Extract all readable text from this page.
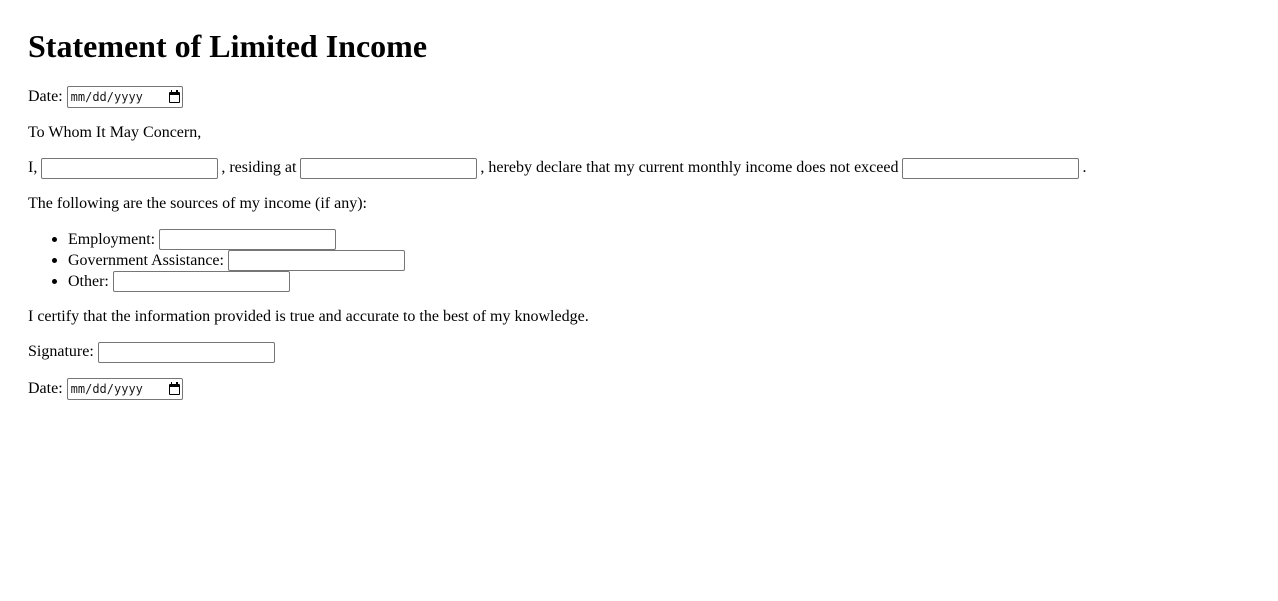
Statement of Limited Income
Date: mm/dd/yyyy
To Whom It May Concern,
I,	, residing at	, hereby declare that my current monthly income does not exceed	.
The following are the sources of my income (if any):
Employment:
Government Assistance:
Other:
I certify that the information provided is true and accurate to the best of my knowledge.
Signature:
Date: mm/dd/yyyy
